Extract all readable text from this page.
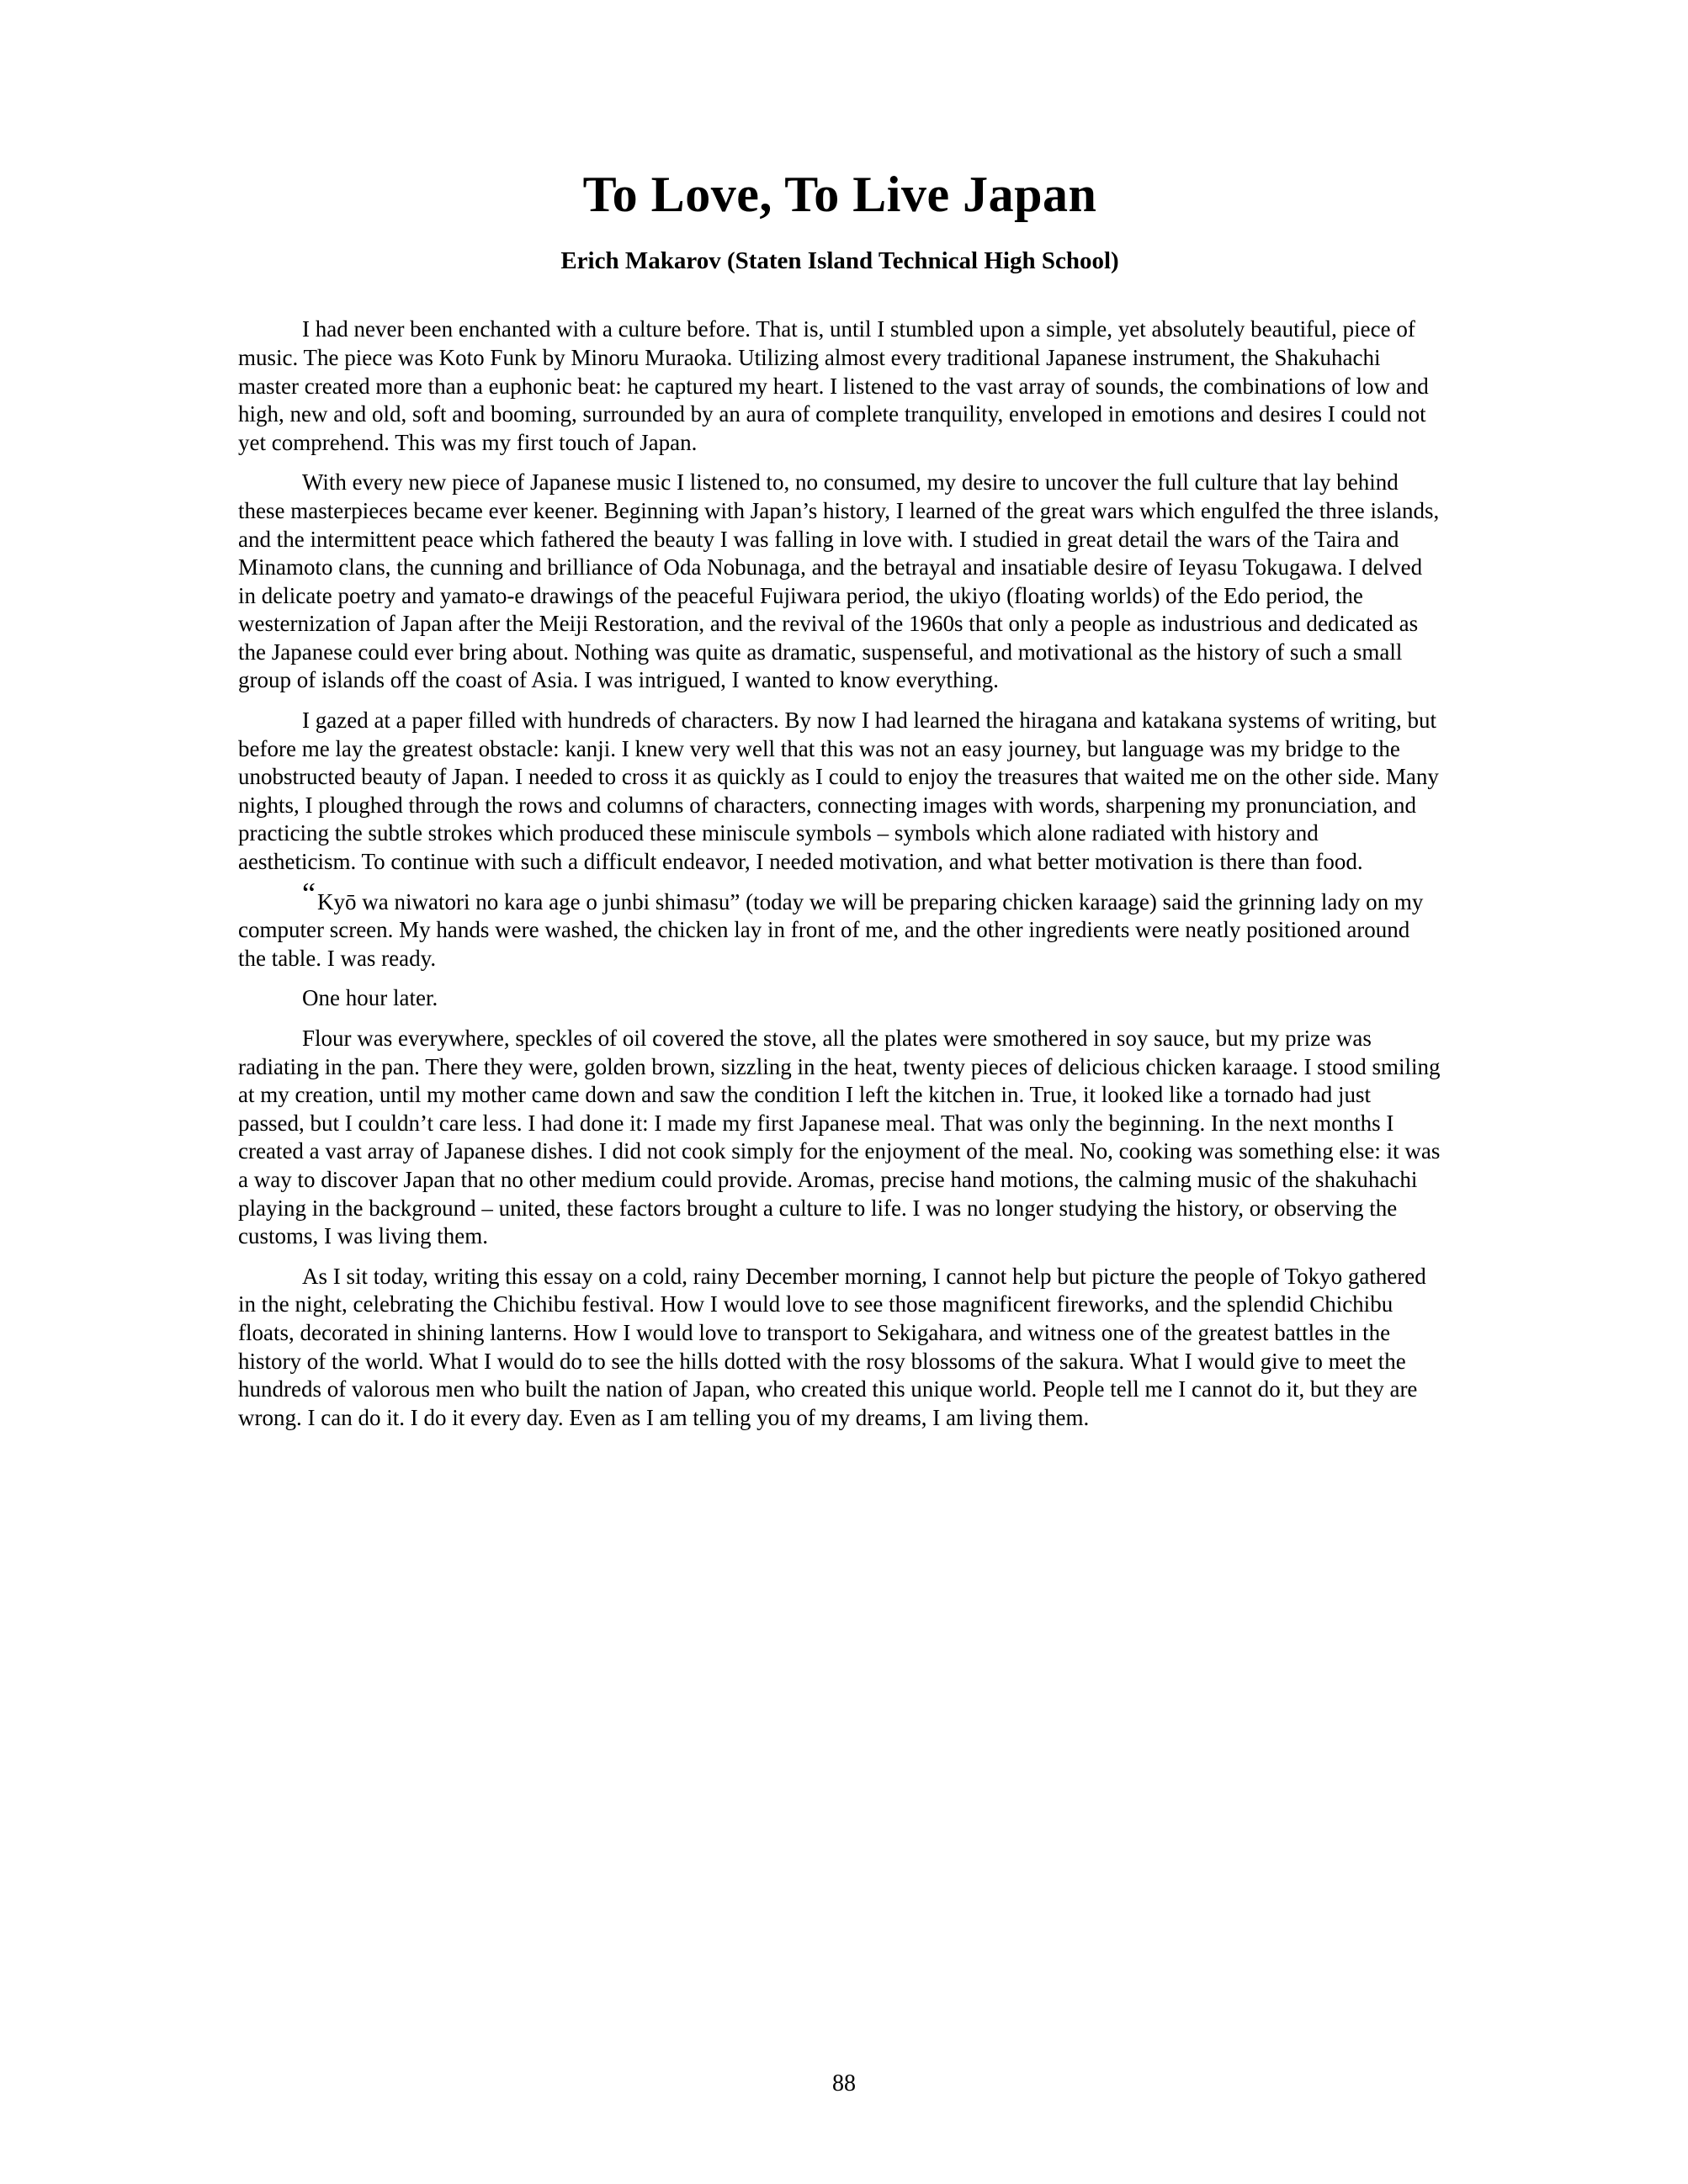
To Love, To Live Japan
Erich Makarov (Staten Island Technical High School)

I had never been enchanted with a culture before. That is, until I stumbled upon a simple, yet absolutely beautiful, piece of music. The piece was Koto Funk by Minoru Muraoka. Utilizing almost every traditional Japanese instrument, the Shakuhachi master created more than a euphonic beat: he captured my heart. I listened to the vast array of sounds, the combinations of low and high, new and old, soft and booming, surrounded by an aura of complete tranquility, enveloped in emotions and desires I could not yet comprehend. This was my first touch of Japan.

With every new piece of Japanese music I listened to, no consumed, my desire to uncover the full culture that lay behind these masterpieces became ever keener. Beginning with Japan’s history, I learned of the great wars which engulfed the three islands, and the intermittent peace which fathered the beauty I was falling in love with. I studied in great detail the wars of the Taira and Minamoto clans, the cunning and brilliance of Oda Nobunaga, and the betrayal and insatiable desire of Ieyasu Tokugawa. I delved in delicate poetry and yamato-e drawings of the peaceful Fujiwara period, the ukiyo (floating worlds) of the Edo period, the westernization of Japan after the Meiji Restoration, and the revival of the 1960s that only a people as industrious and dedicated as the Japanese could ever bring about. Nothing was quite as dramatic, suspenseful, and motivational as the history of such a small group of islands off the coast of Asia. I was intrigued, I wanted to know everything.

I gazed at a paper filled with hundreds of characters. By now I had learned the hiragana and katakana systems of writing, but before me lay the greatest obstacle: kanji. I knew very well that this was not an easy journey, but language was my bridge to the unobstructed beauty of Japan. I needed to cross it as quickly as I could to enjoy the treasures that waited me on the other side. Many nights, I ploughed through the rows and columns of characters, connecting images with words, sharpening my pronunciation, and practicing the subtle strokes which produced these miniscule symbols – symbols which alone radiated with history and aestheticism. To continue with such a difficult endeavor, I needed motivation, and what better motivation is there than food.

“Kyō wa niwatori no kara age o junbi shimasu” (today we will be preparing chicken karaage) said the grinning lady on my computer screen. My hands were washed, the chicken lay in front of me, and the other ingredients were neatly positioned around the table. I was ready.

One hour later.

Flour was everywhere, speckles of oil covered the stove, all the plates were smothered in soy sauce, but my prize was radiating in the pan. There they were, golden brown, sizzling in the heat, twenty pieces of delicious chicken karaage. I stood smiling at my creation, until my mother came down and saw the condition I left the kitchen in. True, it looked like a tornado had just passed, but I couldn’t care less. I had done it: I made my first Japanese meal. That was only the beginning. In the next months I created a vast array of Japanese dishes. I did not cook simply for the enjoyment of the meal. No, cooking was something else: it was a way to discover Japan that no other medium could provide. Aromas, precise hand motions, the calming music of the shakuhachi playing in the background – united, these factors brought a culture to life. I was no longer studying the history, or observing the customs, I was living them.

As I sit today, writing this essay on a cold, rainy December morning, I cannot help but picture the people of Tokyo gathered in the night, celebrating the Chichibu festival. How I would love to see those magnificent fireworks, and the splendid Chichibu floats, decorated in shining lanterns. How I would love to transport to Sekigahara, and witness one of the greatest battles in the history of the world. What I would do to see the hills dotted with the rosy blossoms of the sakura. What I would give to meet the hundreds of valorous men who built the nation of Japan, who created this unique world. People tell me I cannot do it, but they are wrong. I can do it. I do it every day. Even as I am telling you of my dreams, I am living them.

88
